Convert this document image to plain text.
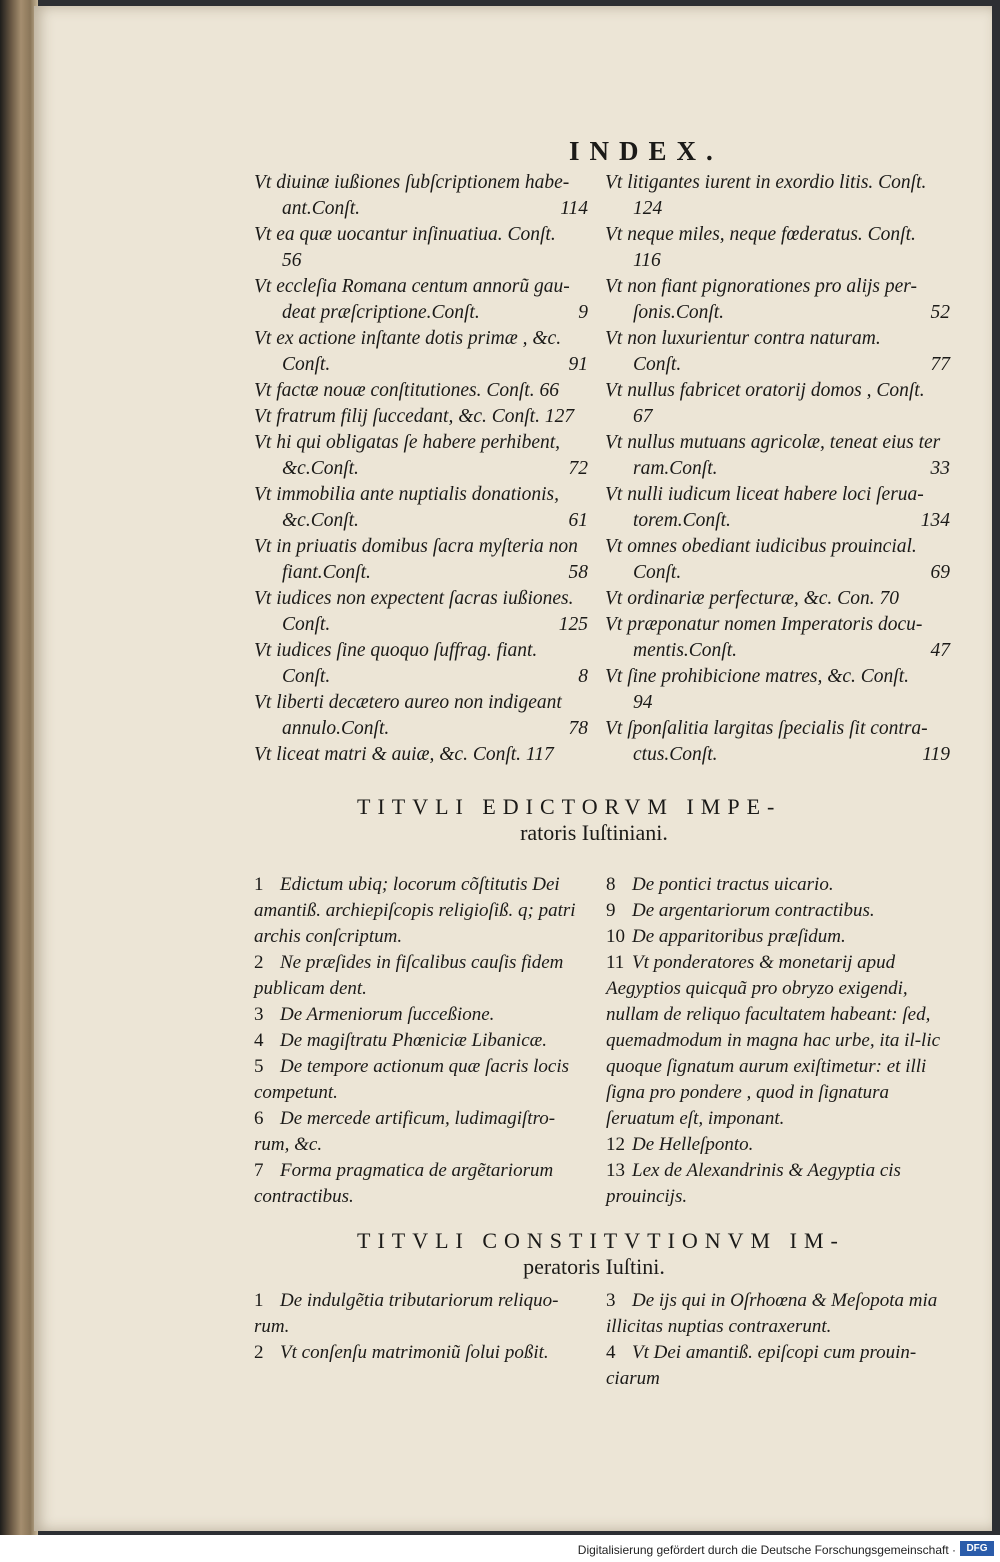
INDEX.
Vt diuinæ iußiones ſubſcriptionem habe-
ant. Conſt.	114
Vt ea quæ uocantur inſinuatiua. Conſt.
56
Vt eccleſia Romana centum annorũ gau-
deat præſcriptione. Conſt.	9
Vt ex actione inſtante dotis primæ , &c.
Conſt.	91
Vt factæ nouæ conſtitutiones. Conſt. 66
Vt fratrum filij ſuccedant, &c. Conſt. 127
Vt hi qui obligatas ſe habere perhibent,
&c. Conſt.	72
Vt immobilia ante nuptialis donationis,
&c. Conſt.	61
Vt in priuatis domibus ſacra myſteria non
fiant. Conſt.	58
Vt iudices non expectent ſacras iußiones.
Conſt.	125
Vt iudices ſine quoquo ſuffrag. fiant.
Conſt.	8
Vt liberti decætero aureo non indigeant
annulo. Conſt.	78
Vt liceat matri & auiæ, &c. Conſt. 117
Vt litigantes iurent in exordio litis. Conſt.
124
Vt neque miles, neque fœderatus. Conſt.
116
Vt non fiant pignorationes pro alijs per-
ſonis. Conſt.	52
Vt non luxurientur contra naturam.
Conſt.	77
Vt nullus fabricet oratorij domos , Conſt.
67
Vt nullus mutuans agricolæ, teneat eius ter
ram. Conſt.	33
Vt nulli iudicum liceat habere loci ſerua-
torem. Conſt.	134
Vt omnes obediant iudicibus prouincial.
Conſt.	69
Vt ordinariæ perfecturæ, &c. Con. 70
Vt præponatur nomen Imperatoris docu-
mentis. Conſt.	47
Vt ſine prohibicione matres, &c. Conſt.
94
Vt ſponſalitia largitas ſpecialis ſit contra-
ctus. Conſt.	119
TITVLI EDICTORVM IMPE-
ratoris Iuſtiniani.
1 Edictum ubiq; locorum cõſtitutis Dei amantiß. archiepiſcopis religioſiß. q; patri archis conſcriptum.
2 Ne præſides in fiſcalibus cauſis fidem publicam dent.
3 De Armeniorum ſucceßione.
4 De magiſtratu Phœniciæ Libanicæ.
5 De tempore actionum quæ ſacris locis competunt.
6 De mercede artificum, ludimagiſtro-rum, &c.
7 Forma pragmatica de argẽtariorum contractibus.
8 De pontici tractus uicario.
9 De argentariorum contractibus.
10 De apparitoribus præſidum.
11 Vt ponderatores & monetarij apud Aegyptios quicquã pro obryzo exigendi, nullam de reliquo facultatem habeant: ſed, quemadmodum in magna hac urbe, ita il-lic quoque ſignatum aurum exiſtimetur: et illi ſigna pro pondere , quod in ſignatura ſeruatum eſt, imponant.
12 De Helleſponto.
13 Lex de Alexandrinis & Aegyptia cis prouincijs.
TITVLI CONSTITVTIONVM IM-
peratoris Iuſtini.
1 De indulgẽtia tributariorum reliquo-rum.
2 Vt conſenſu matrimoniũ ſolui poßit.
3 De ijs qui in Oſrhoœna & Meſopota mia illicitas nuptias contraxerunt.
4 Vt Dei amantiß. epiſcopi cum prouin-ciarum
Digitalisierung gefördert durch die Deutsche Forschungsgemeinschaft ·	DFG
